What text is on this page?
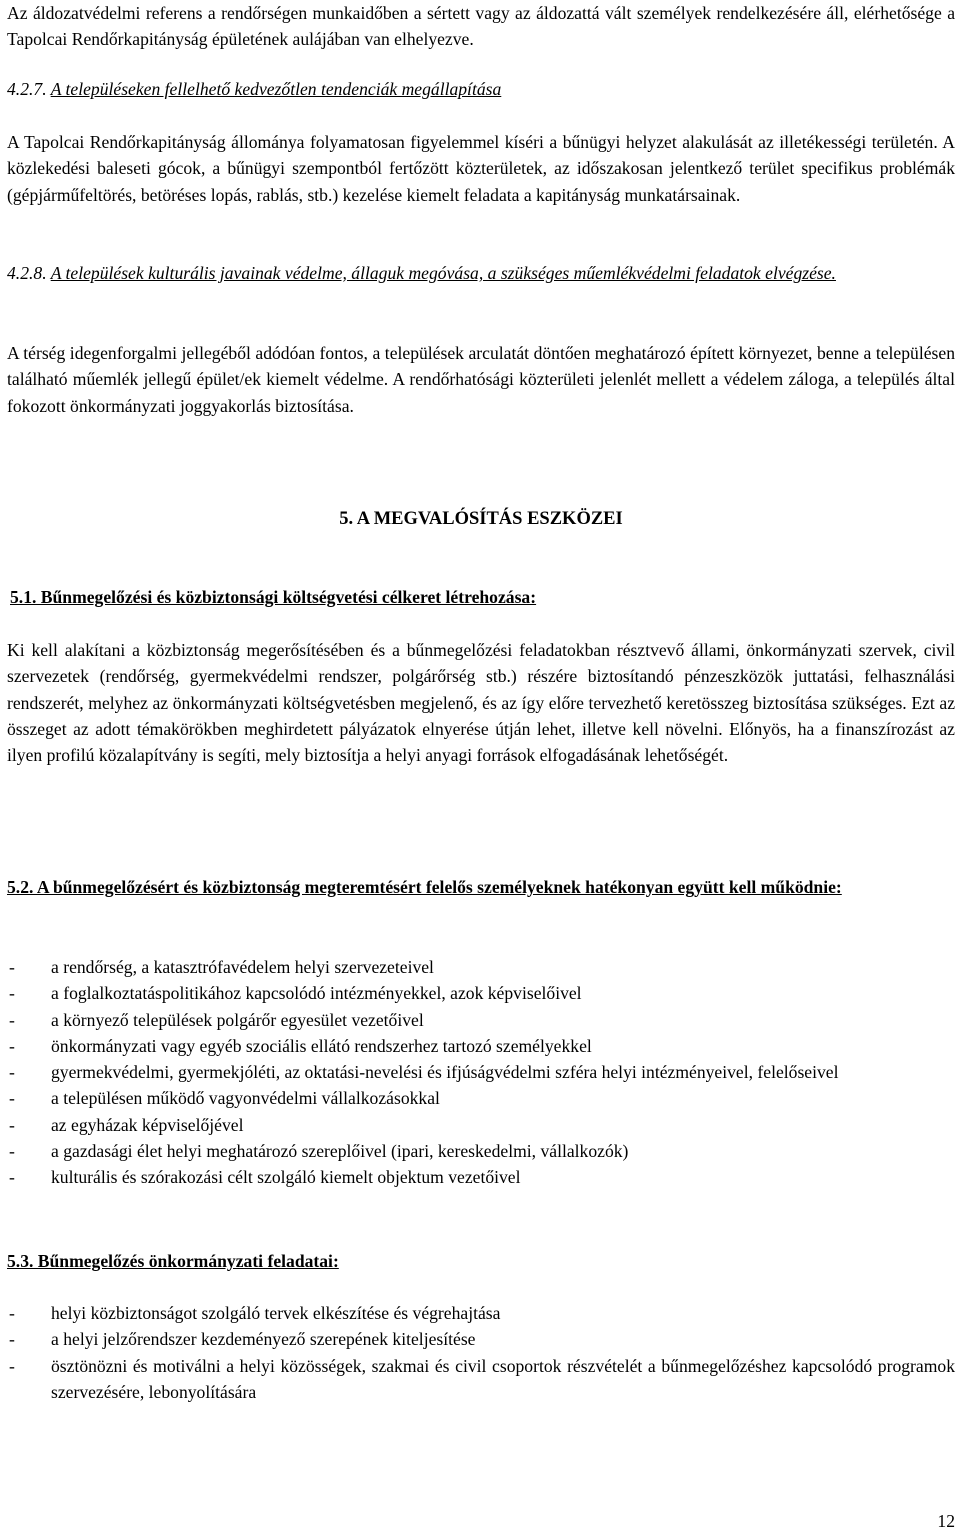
Az áldozatvédelmi referens a rendőrségen munkaidőben a sértett vagy az áldozattá vált személyek rendelkezésére áll, elérhetősége a Tapolcai Rendőrkapitányság épületének aulájában van elhelyezve.

4.2.7. A településeken fellelhető kedvezőtlen tendenciák megállapítása

A Tapolcai Rendőrkapitányság állománya folyamatosan figyelemmel kíséri a bűnügyi helyzet alakulását az illetékességi területén. A közlekedési baleseti gócok, a bűnügyi szempontból fertőzött közterületek, az időszakosan jelentkező terület specifikus problémák (gépjárműfeltörés, betöréses lopás, rablás, stb.) kezelése kiemelt feladata a kapitányság munkatársainak.

4.2.8. A települések kulturális javainak védelme, állaguk megóvása, a szükséges műemlékvédelmi feladatok elvégzése.

A térség idegenforgalmi jellegéből adódóan fontos, a települések arculatát döntően meghatározó épített környezet, benne a településen található műemlék jellegű épület/ek kiemelt védelme. A rendőrhatósági közterületi jelenlét mellett a védelem záloga, a település által fokozott önkormányzati joggyakorlás biztosítása.

5. A MEGVALÓSÍTÁS ESZKÖZEI
5.1. Bűnmegelőzési és közbiztonsági költségvetési célkeret létrehozása:

Ki kell alakítani a közbiztonság megerősítésében és a bűnmegelőzési feladatokban résztvevő állami, önkormányzati szervek, civil szervezetek (rendőrség, gyermekvédelmi rendszer, polgárőrség stb.) részére biztosítandó pénzeszközök juttatási, felhasználási rendszerét, melyhez az önkormányzati költségvetésben megjelenő, és az így előre tervezhető keretösszeg biztosítása szükséges. Ezt az összeget az adott témakörökben meghirdetett pályázatok elnyerése útján lehet, illetve kell növelni. Előnyös, ha a finanszírozást az ilyen profilú közalapítvány is segíti, mely biztosítja a helyi anyagi források elfogadásának lehetőségét.

5.2. A bűnmegelőzésért és közbiztonság megteremtésért felelős személyeknek hatékonyan együtt kell működnie:
- a rendőrség, a katasztrófavédelem helyi szervezeteivel
- a foglalkoztatáspolitikához kapcsolódó intézményekkel, azok képviselőivel
- a környező települések polgárőr egyesület vezetőivel
- önkormányzati vagy egyéb szociális ellátó rendszerhez tartozó személyekkel
- gyermekvédelmi, gyermekjóléti, az oktatási-nevelési és ifjúságvédelmi szféra helyi intézményeivel, felelőseivel
- a településen működő vagyonvédelmi vállalkozásokkal
- az egyházak képviselőjével
- a gazdasági élet helyi meghatározó szereplőivel (ipari, kereskedelmi, vállalkozók)
- kulturális és szórakozási célt szolgáló kiemelt objektum vezetőivel
5.3. Bűnmegelőzés önkormányzati feladatai:
- helyi közbiztonságot szolgáló tervek elkészítése és végrehajtása
- a helyi jelzőrendszer kezdeményező szerepének kiteljesítése
- ösztönözni és motiválni a helyi közösségek, szakmai és civil csoportok részvételét a bűnmegelőzéshez kapcsolódó programok szervezésére, lebonyolítására
12
